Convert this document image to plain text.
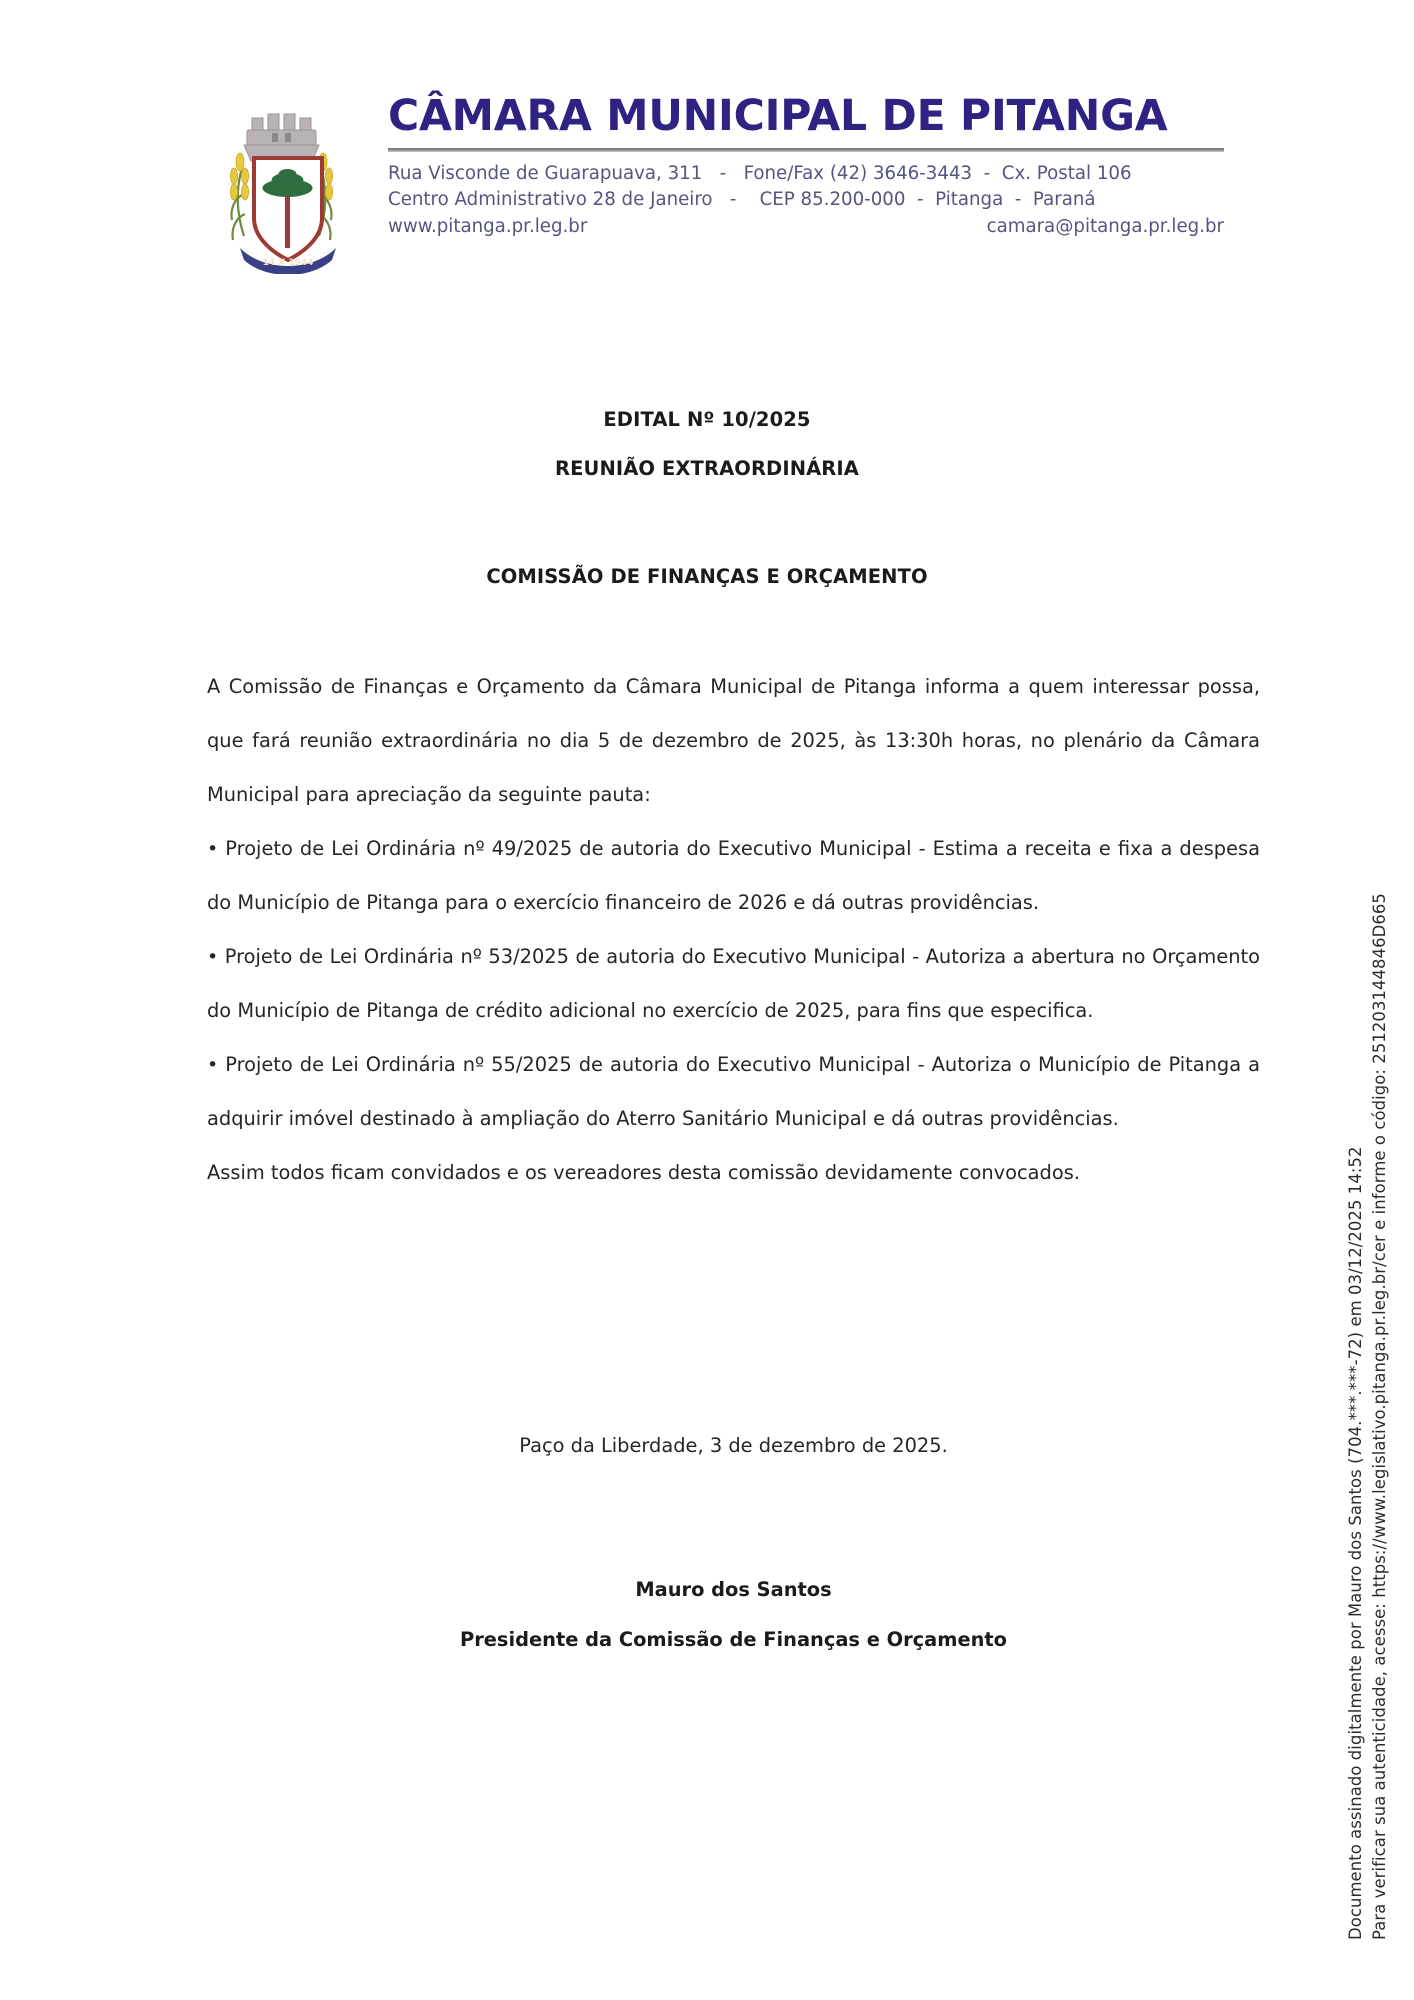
14 X 1944
CÂMARA MUNICIPAL DE PITANGA
Rua Visconde de Guarapuava, 311   -   Fone/Fax (42) 3646-3443  -  Cx. Postal 106
Centro Administrativo 28 de Janeiro   -    CEP 85.200-000  -  Pitanga  -  Paraná
www.pitanga.pr.leg.br	camara@pitanga.pr.leg.br
EDITAL Nº 10/2025
REUNIÃO EXTRAORDINÁRIA
COMISSÃO DE FINANÇAS E ORÇAMENTO

A Comissão de Finanças e Orçamento da Câmara Municipal de Pitanga informa a quem interessar possa, que fará reunião extraordinária no dia 5 de dezembro de 2025, às 13:30h horas, no plenário da Câmara Municipal para apreciação da seguinte pauta:

• Projeto de Lei Ordinária nº 49/2025 de autoria do Executivo Municipal - Estima a receita e fixa a despesa do Município de Pitanga para o exercício financeiro de 2026 e dá outras providências.

• Projeto de Lei Ordinária nº 53/2025 de autoria do Executivo Municipal - Autoriza a abertura no Orçamento do Município de Pitanga de crédito adicional no exercício de 2025, para fins que especifica.

• Projeto de Lei Ordinária nº 55/2025 de autoria do Executivo Municipal - Autoriza o Município de Pitanga a adquirir imóvel destinado à ampliação do Aterro Sanitário Municipal e dá outras providências.

Assim todos ficam convidados e os vereadores desta comissão devidamente convocados.

Paço da Liberdade, 3 de dezembro de 2025.
Mauro dos Santos
Presidente da Comissão de Finanças e Orçamento	Documento assinado digitalmente por Mauro dos Santos (704.***.***-72) em 03/12/2025 14:52 Para verificar sua autenticidade, acesse: https://www.legislativo.pitanga.pr.leg.br/cer e informe o código: 251203144846D665
